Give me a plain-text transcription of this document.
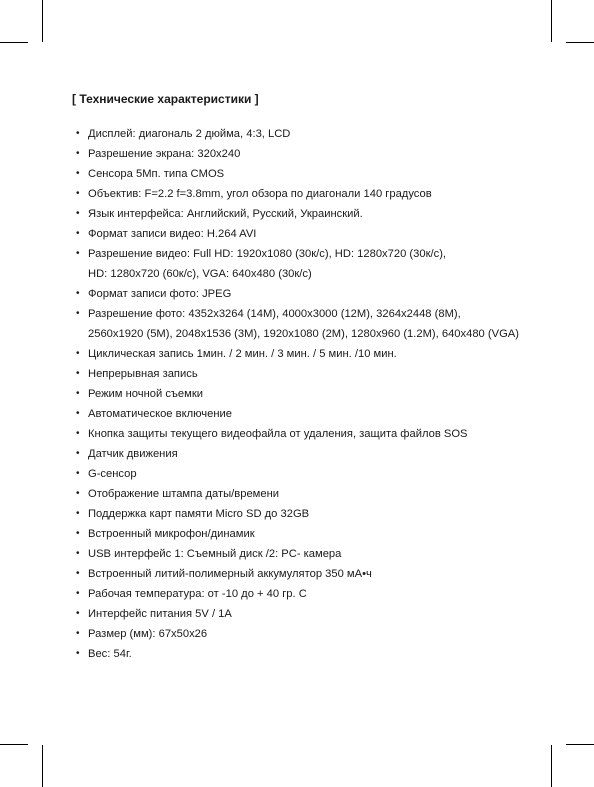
[ Технические характеристики ]
• Дисплей: диагональ 2 дюйма, 4:3, LCD
• Разрешение экрана: 320x240
• Сенсора 5Мп. типа CMOS
• Объектив: F=2.2 f=3.8mm, угол обзора по диагонали 140 градусов
• Язык интерфейса: Английский, Русский, Украинский.
• Формат записи видео: H.264 AVI
• Разрешение видео: Full HD: 1920x1080 (30к/с), HD: 1280x720 (30к/с),
HD: 1280x720 (60к/с), VGA: 640x480 (30к/с)
• Формат записи фото: JPEG
• Разрешение фото: 4352x3264 (14M), 4000x3000 (12M), 3264x2448 (8M),
2560x1920 (5M), 2048x1536 (3M), 1920x1080 (2M), 1280x960 (1.2M), 640x480 (VGA)
• Циклическая запись 1мин. / 2 мин. / 3 мин. / 5 мин. /10 мин.
• Непрерывная запись
• Режим ночной съемки
• Автоматическое включение
• Кнопка защиты текущего видеофайла от удаления, защита файлов SOS
• Датчик движения
• G-сенсор
• Отображение штампа даты/времени
• Поддержка карт памяти Micro SD до 32GB
• Встроенный микрофон/динамик
• USB интерфейс 1: Съемный диск /2: PC- камера
• Встроенный литий-полимерный аккумулятор 350 мА•ч
• Рабочая температура: от -10 до + 40 гр. С
• Интерфейс питания 5V / 1A
• Размер (мм): 67x50x26
• Вес: 54г.
